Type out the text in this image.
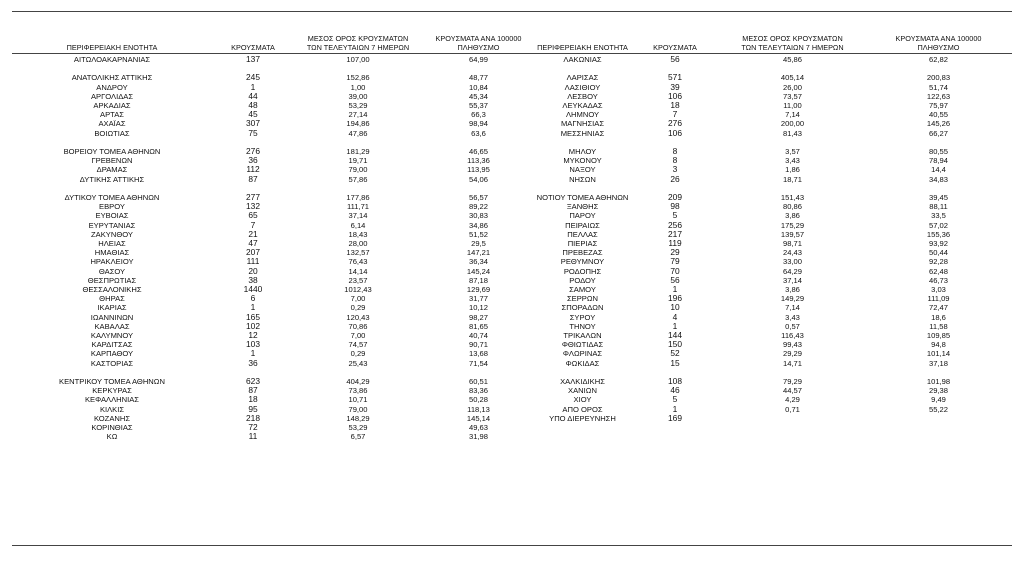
ΠΕΡΙΦΕΡΕΙΑΚΗ ΕΝΟΤΗΤΑ	ΚΡΟΥΣΜΑΤΑ	ΜΕΣΟΣ ΟΡΟΣ ΚΡΟΥΣΜΑΤΩΝ
ΤΩΝ ΤΕΛΕΥΤΑΙΩΝ 7 ΗΜΕΡΩΝ	ΚΡΟΥΣΜΑΤΑ ΑΝΑ 100000
ΠΛΗΘΥΣΜΟ	ΠΕΡΙΦΕΡΕΙΑΚΗ ΕΝΟΤΗΤΑ	ΚΡΟΥΣΜΑΤΑ	ΜΕΣΟΣ ΟΡΟΣ ΚΡΟΥΣΜΑΤΩΝ
ΤΩΝ ΤΕΛΕΥΤΑΙΩΝ 7 ΗΜΕΡΩΝ	ΚΡΟΥΣΜΑΤΑ ΑΝΑ 100000
ΠΛΗΘΥΣΜΟ

ΑΙΤΩΛΟΑΚΑΡΝΑΝΙΑΣ	137	107,00	64,99	ΛΑΚΩΝΙΑΣ	56	45,86	62,82

ΑΝΑΤΟΛΙΚΗΣ ΑΤΤΙΚΗΣ	245	152,86	48,77	ΛΑΡΙΣΑΣ	571	405,14	200,83
ΑΝΔΡΟΥ	1	1,00	10,84	ΛΑΣΙΘΙΟΥ	39	26,00	51,74
ΑΡΓΟΛΙΔΑΣ	44	39,00	45,34	ΛΕΣΒΟΥ	106	73,57	122,63
ΑΡΚΑΔΙΑΣ	48	53,29	55,37	ΛΕΥΚΑΔΑΣ	18	11,00	75,97
ΑΡΤΑΣ	45	27,14	66,3	ΛΗΜΝΟΥ	7	7,14	40,55
ΑΧΑΪΑΣ	307	194,86	98,94	ΜΑΓΝΗΣΙΑΣ	276	200,00	145,26
ΒΟΙΩΤΙΑΣ	75	47,86	63,6	ΜΕΣΣΗΝΙΑΣ	106	81,43	66,27

ΒΟΡΕΙΟΥ ΤΟΜΕΑ ΑΘΗΝΩΝ	276	181,29	46,65	ΜΗΛΟΥ	8	3,57	80,55
ΓΡΕΒΕΝΩΝ	36	19,71	113,36	ΜΥΚΟΝΟΥ	8	3,43	78,94
ΔΡΑΜΑΣ	112	79,00	113,95	ΝΑΞΟΥ	3	1,86	14,4
ΔΥΤΙΚΗΣ ΑΤΤΙΚΗΣ	87	57,86	54,06	ΝΗΣΩΝ	26	18,71	34,83

ΔΥΤΙΚΟΥ ΤΟΜΕΑ ΑΘΗΝΩΝ	277	177,86	56,57	ΝΟΤΙΟΥ ΤΟΜΕΑ ΑΘΗΝΩΝ	209	151,43	39,45
ΕΒΡΟΥ	132	111,71	89,22	ΞΑΝΘΗΣ	98	80,86	88,11
ΕΥΒΟΙΑΣ	65	37,14	30,83	ΠΑΡΟΥ	5	3,86	33,5
ΕΥΡΥΤΑΝΙΑΣ	7	6,14	34,86	ΠΕΙΡΑΙΩΣ	256	175,29	57,02
ΖΑΚΥΝΘΟΥ	21	18,43	51,52	ΠΕΛΛΑΣ	217	139,57	155,36
ΗΛΕΙΑΣ	47	28,00	29,5	ΠΙΕΡΙΑΣ	119	98,71	93,92
ΗΜΑΘΙΑΣ	207	132,57	147,21	ΠΡΕΒΕΖΑΣ	29	24,43	50,44
ΗΡΑΚΛΕΙΟΥ	111	76,43	36,34	ΡΕΘΥΜΝΟΥ	79	33,00	92,28
ΘΑΣΟΥ	20	14,14	145,24	ΡΟΔΟΠΗΣ	70	64,29	62,48
ΘΕΣΠΡΩΤΙΑΣ	38	23,57	87,18	ΡΟΔΟΥ	56	37,14	46,73
ΘΕΣΣΑΛΟΝΙΚΗΣ	1440	1012,43	129,69	ΣΑΜΟΥ	1	3,86	3,03
ΘΗΡΑΣ	6	7,00	31,77	ΣΕΡΡΩΝ	196	149,29	111,09
ΙΚΑΡΙΑΣ	1	0,29	10,12	ΣΠΟΡΑΔΩΝ	10	7,14	72,47
ΙΩΑΝΝΙΝΩΝ	165	120,43	98,27	ΣΥΡΟΥ	4	3,43	18,6
ΚΑΒΑΛΑΣ	102	70,86	81,65	ΤΗΝΟΥ	1	0,57	11,58
ΚΑΛΥΜΝΟΥ	12	7,00	40,74	ΤΡΙΚΑΛΩΝ	144	116,43	109,85
ΚΑΡΔΙΤΣΑΣ	103	74,57	90,71	ΦΘΙΩΤΙΔΑΣ	150	99,43	94,8
ΚΑΡΠΑΘΟΥ	1	0,29	13,68	ΦΛΩΡΙΝΑΣ	52	29,29	101,14
ΚΑΣΤΟΡΙΑΣ	36	25,43	71,54	ΦΩΚΙΔΑΣ	15	14,71	37,18

ΚΕΝΤΡΙΚΟΥ ΤΟΜΕΑ ΑΘΗΝΩΝ	623	404,29	60,51	ΧΑΛΚΙΔΙΚΗΣ	108	79,29	101,98
ΚΕΡΚΥΡΑΣ	87	73,86	83,36	ΧΑΝΙΩΝ	46	44,57	29,38
ΚΕΦΑΛΛΗΝΙΑΣ	18	10,71	50,28	ΧΙΟΥ	5	4,29	9,49
ΚΙΛΚΙΣ	95	79,00	118,13	ΑΠΟ ΟΡΟΣ	1	0,71	55,22
ΚΟΖΑΝΗΣ	218	148,29	145,14	ΥΠΟ ΔΙΕΡΕΥΝΗΣΗ	169		
ΚΟΡΙΝΘΙΑΣ	72	53,29	49,63				
ΚΩ	11	6,57	31,98				
